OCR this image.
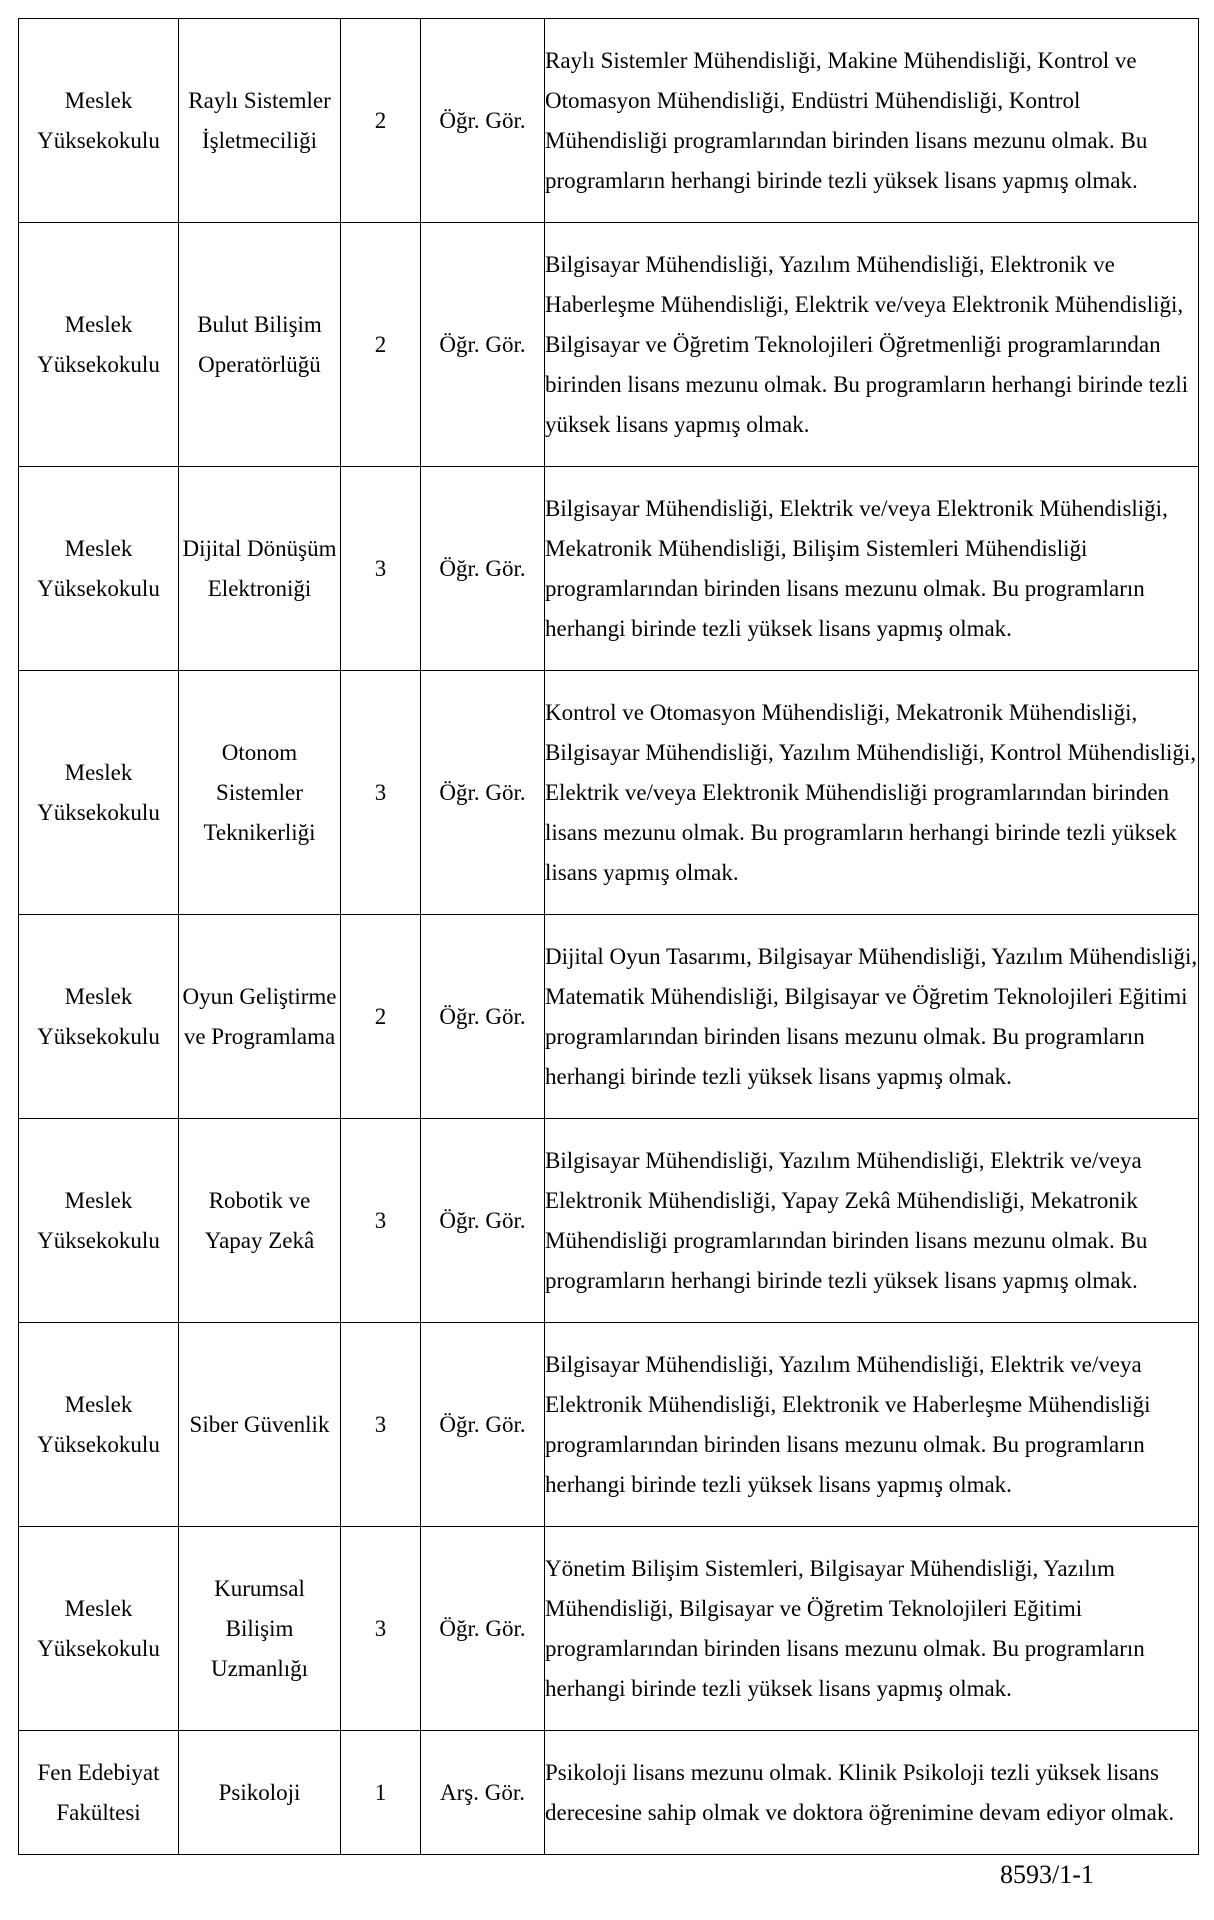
Meslek Yüksekokulu	Raylı Sistemler İşletmeciliği	2	Öğr. Gör.	Raylı Sistemler Mühendisliği, Makine Mühendisliği, Kontrol ve Otomasyon Mühendisliği, Endüstri Mühendisliği, Kontrol Mühendisliği programlarından birinden lisans mezunu olmak. Bu programların herhangi birinde tezli yüksek lisans yapmış olmak.
Meslek Yüksekokulu	Bulut Bilişim Operatörlüğü	2	Öğr. Gör.	Bilgisayar Mühendisliği, Yazılım Mühendisliği, Elektronik ve Haberleşme Mühendisliği, Elektrik ve/veya Elektronik Mühendisliği, Bilgisayar ve Öğretim Teknolojileri Öğretmenliği programlarından birinden lisans mezunu olmak. Bu programların herhangi birinde tezli yüksek lisans yapmış olmak.
Meslek Yüksekokulu	Dijital Dönüşüm Elektroniği	3	Öğr. Gör.	Bilgisayar Mühendisliği, Elektrik ve/veya Elektronik Mühendisliği, Mekatronik Mühendisliği, Bilişim Sistemleri Mühendisliği programlarından birinden lisans mezunu olmak. Bu programların herhangi birinde tezli yüksek lisans yapmış olmak.
Meslek Yüksekokulu	Otonom Sistemler Teknikerliği	3	Öğr. Gör.	Kontrol ve Otomasyon Mühendisliği, Mekatronik Mühendisliği, Bilgisayar Mühendisliği, Yazılım Mühendisliği, Kontrol Mühendisliği, Elektrik ve/veya Elektronik Mühendisliği programlarından birinden lisans mezunu olmak. Bu programların herhangi birinde tezli yüksek lisans yapmış olmak.
Meslek Yüksekokulu	Oyun Geliştirme ve Programlama	2	Öğr. Gör.	Dijital Oyun Tasarımı, Bilgisayar Mühendisliği, Yazılım Mühendisliği, Matematik Mühendisliği, Bilgisayar ve Öğretim Teknolojileri Eğitimi programlarından birinden lisans mezunu olmak. Bu programların herhangi birinde tezli yüksek lisans yapmış olmak.
Meslek Yüksekokulu	Robotik ve Yapay Zekâ	3	Öğr. Gör.	Bilgisayar Mühendisliği, Yazılım Mühendisliği, Elektrik ve/veya Elektronik Mühendisliği, Yapay Zekâ Mühendisliği, Mekatronik Mühendisliği programlarından birinden lisans mezunu olmak. Bu programların herhangi birinde tezli yüksek lisans yapmış olmak.
Meslek Yüksekokulu	Siber Güvenlik	3	Öğr. Gör.	Bilgisayar Mühendisliği, Yazılım Mühendisliği, Elektrik ve/veya Elektronik Mühendisliği, Elektronik ve Haberleşme Mühendisliği programlarından birinden lisans mezunu olmak. Bu programların herhangi birinde tezli yüksek lisans yapmış olmak.
Meslek Yüksekokulu	Kurumsal Bilişim Uzmanlığı	3	Öğr. Gör.	Yönetim Bilişim Sistemleri, Bilgisayar Mühendisliği, Yazılım Mühendisliği, Bilgisayar ve Öğretim Teknolojileri Eğitimi programlarından birinden lisans mezunu olmak. Bu programların herhangi birinde tezli yüksek lisans yapmış olmak.
Fen Edebiyat Fakültesi	Psikoloji	1	Arş. Gör.	Psikoloji lisans mezunu olmak. Klinik Psikoloji tezli yüksek lisans derecesine sahip olmak ve doktora öğrenimine devam ediyor olmak.
8593/1-1
